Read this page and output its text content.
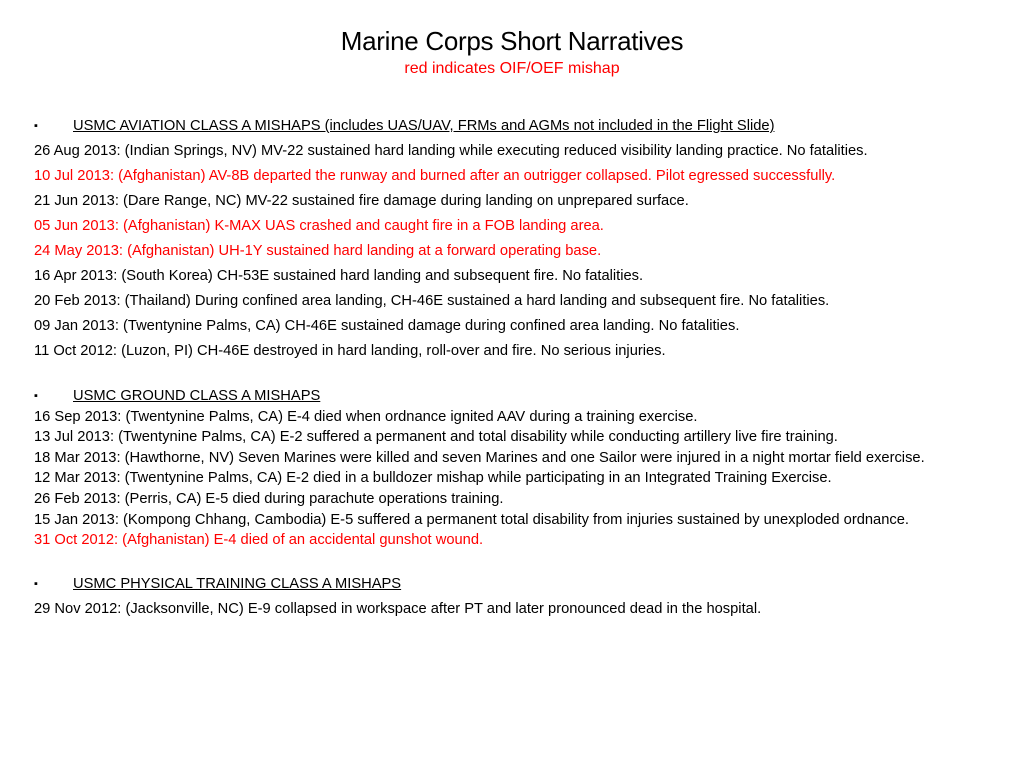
Marine Corps Short Narratives
red indicates OIF/OEF mishap
▪ USMC AVIATION CLASS A MISHAPS (includes UAS/UAV, FRMs and AGMs not included in the Flight Slide)
26 Aug 2013: (Indian Springs, NV) MV-22 sustained hard landing while executing reduced visibility landing practice. No fatalities.
10 Jul 2013: (Afghanistan) AV-8B departed the runway and burned after an outrigger collapsed. Pilot egressed successfully.
21 Jun 2013: (Dare Range, NC) MV-22 sustained fire damage during landing on unprepared surface.
05 Jun 2013: (Afghanistan) K-MAX UAS crashed and caught fire in a FOB landing area.
24 May 2013: (Afghanistan) UH-1Y sustained hard landing at a forward operating base.
16 Apr 2013: (South Korea) CH-53E sustained hard landing and subsequent fire. No fatalities.
20 Feb 2013: (Thailand) During confined area landing, CH-46E sustained a hard landing and subsequent fire. No fatalities.
09 Jan 2013: (Twentynine Palms, CA) CH-46E sustained damage during confined area landing. No fatalities.
11 Oct 2012: (Luzon, PI) CH-46E destroyed in hard landing, roll-over and fire. No serious injuries.
▪ USMC GROUND CLASS A MISHAPS
16 Sep 2013: (Twentynine Palms, CA) E-4 died when ordnance ignited AAV during a training exercise.
13 Jul 2013: (Twentynine Palms, CA) E-2 suffered a permanent and total disability while conducting artillery live fire training.
18 Mar 2013: (Hawthorne, NV) Seven Marines were killed and seven Marines and one Sailor were injured in a night mortar field exercise.
12 Mar 2013: (Twentynine Palms, CA) E-2 died in a bulldozer mishap while participating in an Integrated Training Exercise.
26 Feb 2013: (Perris, CA) E-5 died during parachute operations training.
15 Jan 2013: (Kompong Chhang, Cambodia) E-5 suffered a permanent total disability from injuries sustained by unexploded ordnance.
31 Oct 2012: (Afghanistan) E-4 died of an accidental gunshot wound.
▪ USMC PHYSICAL TRAINING CLASS A MISHAPS
29 Nov 2012: (Jacksonville, NC) E-9 collapsed in workspace after PT and later pronounced dead in the hospital.
